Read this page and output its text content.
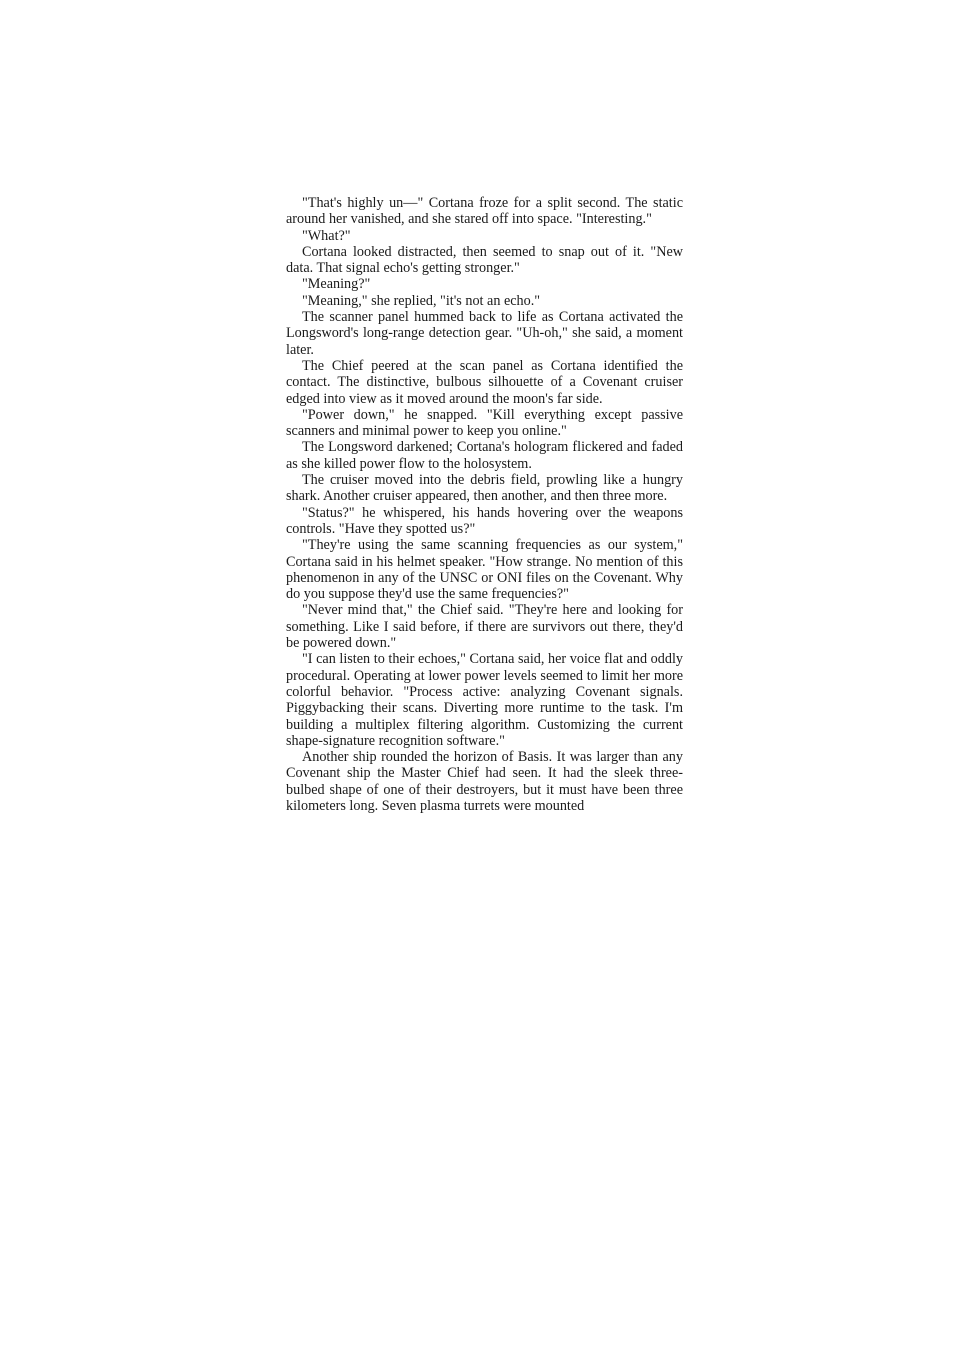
"That's highly un—" Cortana froze for a split second. The static around her vanished, and she stared off into space. "Interesting."

"What?"

Cortana looked distracted, then seemed to snap out of it. "New data. That signal echo's getting stronger."

"Meaning?"

"Meaning," she replied, "it's not an echo."

The scanner panel hummed back to life as Cortana activated the Longsword's long-range detection gear. "Uh-oh," she said, a moment later.

The Chief peered at the scan panel as Cortana identified the contact. The distinctive, bulbous silhouette of a Covenant cruiser edged into view as it moved around the moon's far side.

"Power down," he snapped. "Kill everything except passive scanners and minimal power to keep you online."

The Longsword darkened; Cortana's hologram flickered and faded as she killed power flow to the holosystem.

The cruiser moved into the debris field, prowling like a hungry shark. Another cruiser appeared, then another, and then three more.

"Status?" he whispered, his hands hovering over the weapons controls. "Have they spotted us?"

"They're using the same scanning frequencies as our system," Cortana said in his helmet speaker. "How strange. No mention of this phenomenon in any of the UNSC or ONI files on the Covenant. Why do you suppose they'd use the same frequencies?"

"Never mind that," the Chief said. "They're here and looking for something. Like I said before, if there are survivors out there, they'd be powered down."

"I can listen to their echoes," Cortana said, her voice flat and oddly procedural. Operating at lower power levels seemed to limit her more colorful behavior. "Process active: analyzing Covenant signals. Piggybacking their scans. Diverting more runtime to the task. I'm building a multiplex filtering algorithm. Customizing the current shape-signature recognition software."

Another ship rounded the horizon of Basis. It was larger than any Covenant ship the Master Chief had seen. It had the sleek three-bulbed shape of one of their destroyers, but it must have been three kilometers long. Seven plasma turrets were mounted
